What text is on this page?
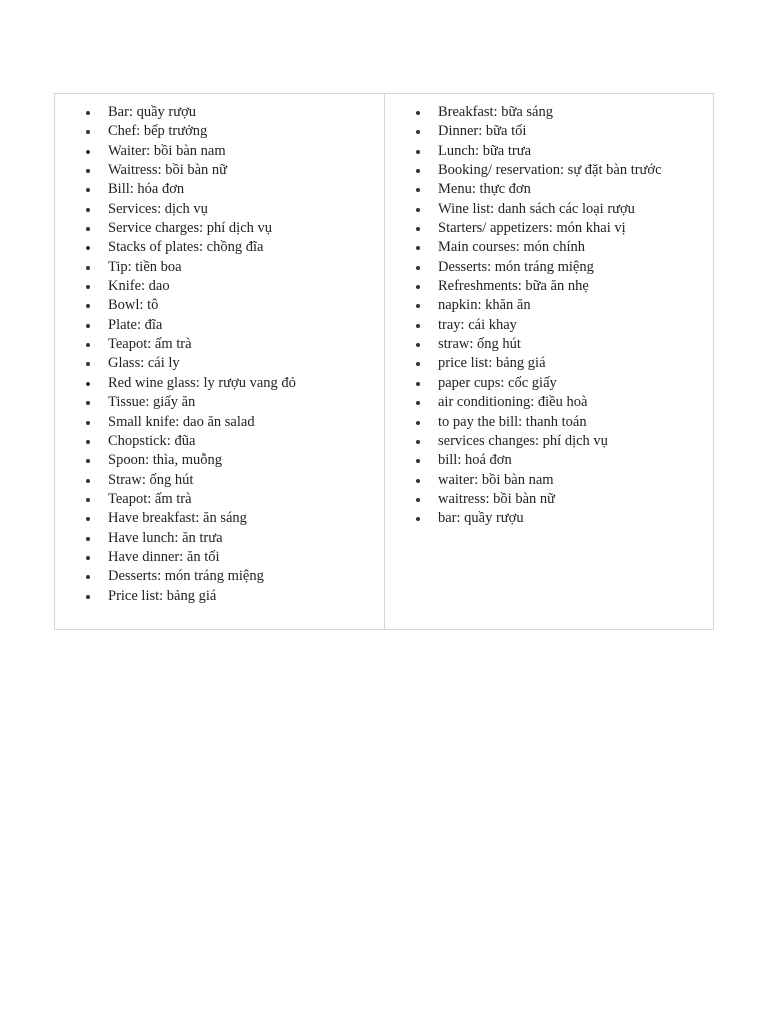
Bar: quầy rượu
Chef: bếp trưởng
Waiter: bồi bàn nam
Waitress: bồi bàn nữ
Bill: hóa đơn
Services: dịch vụ
Service charges: phí dịch vụ
Stacks of plates: chồng đĩa
Tip: tiền boa
Knife: dao
Bowl: tô
Plate: đĩa
Teapot: ấm trà
Glass: cái ly
Red wine glass: ly rượu vang đỏ
Tissue: giấy ăn
Small knife: dao ăn salad
Chopstick: đũa
Spoon: thìa, muỗng
Straw: ống hút
Teapot: ấm trà
Have breakfast: ăn sáng
Have lunch: ăn trưa
Have dinner: ăn tối
Desserts: món tráng miệng
Price list: bảng giá
Breakfast: bữa sáng
Dinner: bữa tối
Lunch: bữa trưa
Booking/ reservation: sự đặt bàn trước
Menu: thực đơn
Wine list: danh sách các loại rượu
Starters/ appetizers: món khai vị
Main courses: món chính
Desserts: món tráng miệng
Refreshments: bữa ăn nhẹ
napkin: khăn ăn
tray: cái khay
straw: ống hút
price list: bảng giá
paper cups: cốc giấy
air conditioning: điều hoà
to pay the bill: thanh toán
services changes: phí dịch vụ
bill: hoá đơn
waiter: bồi bàn nam
waitress: bồi bàn nữ
bar: quầy rượu
